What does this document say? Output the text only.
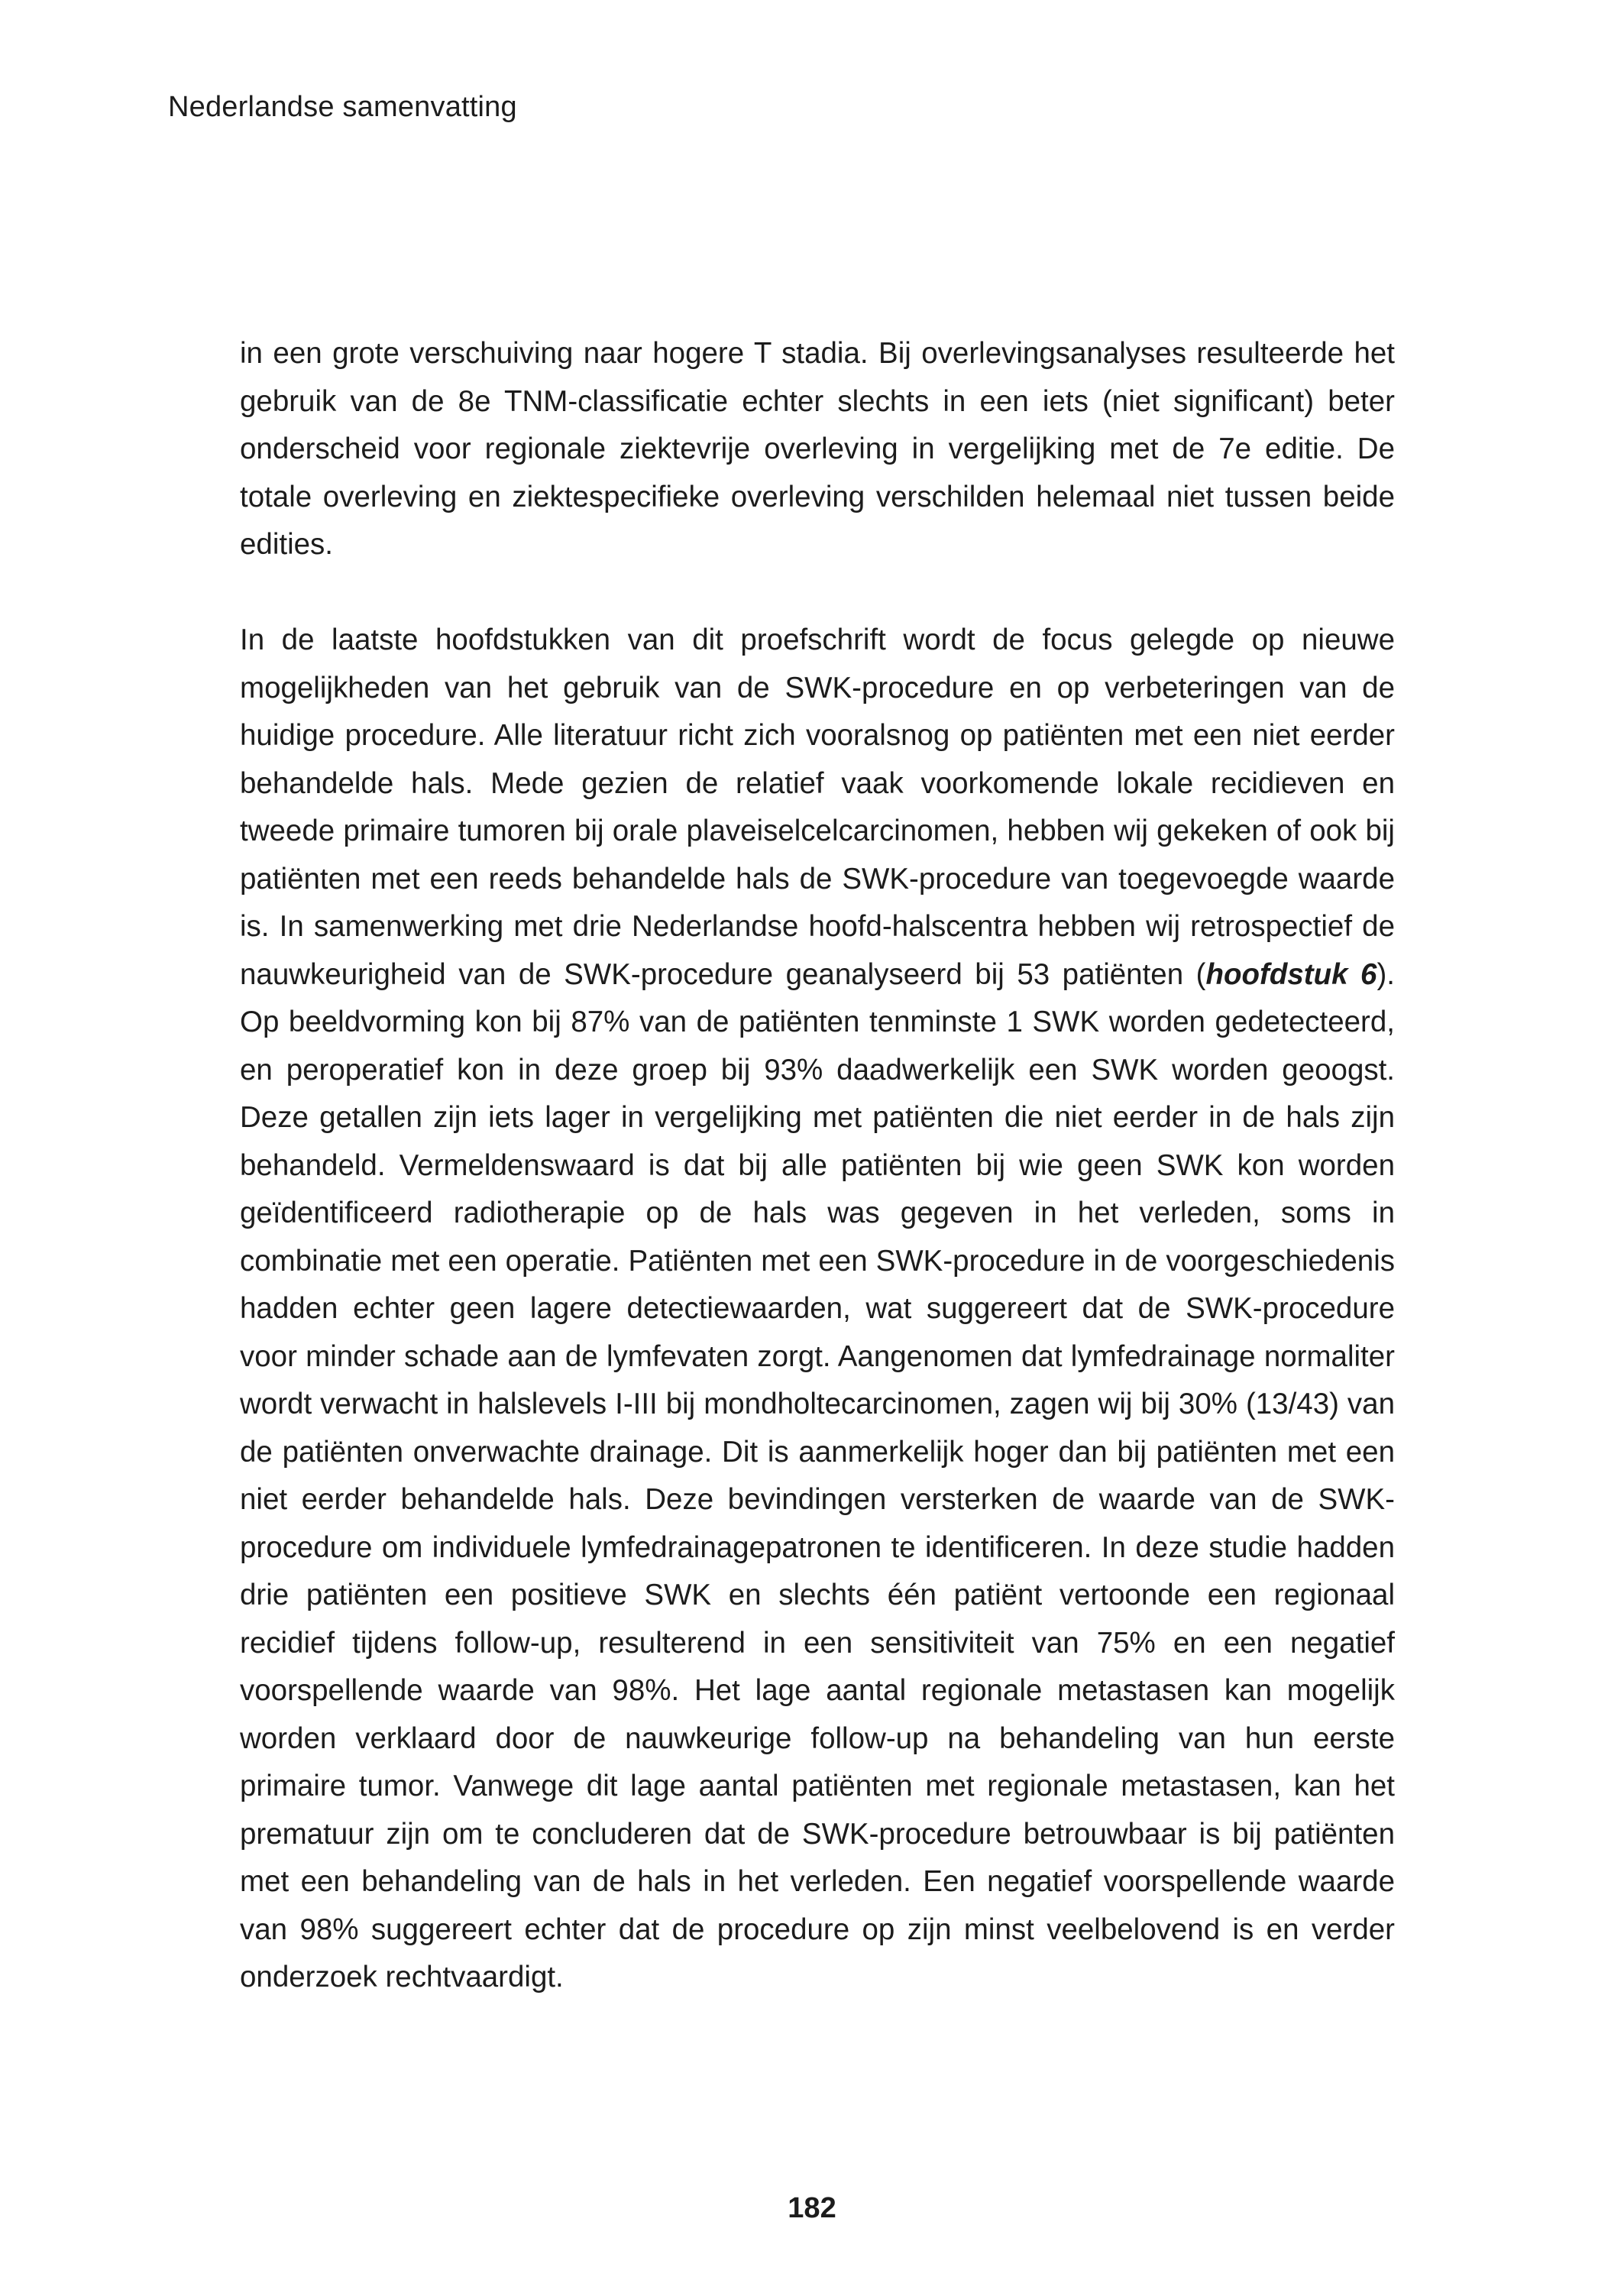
Nederlandse samenvatting

in een grote verschuiving naar hogere T stadia. Bij overlevingsanalyses resulteerde het gebruik van de 8e TNM-classificatie echter slechts in een iets (niet significant) beter onderscheid voor regionale ziektevrije overleving in vergelijking met de 7e editie. De totale overleving en ziektespecifieke overleving verschilden helemaal niet tussen beide edities.

In de laatste hoofdstukken van dit proefschrift wordt de focus gelegde op nieuwe mogelijkheden van het gebruik van de SWK-procedure en op verbeteringen van de huidige procedure. Alle literatuur richt zich vooralsnog op patiënten met een niet eerder behandelde hals. Mede gezien de relatief vaak voorkomende lokale recidieven en tweede primaire tumoren bij orale plaveiselcelcarcinomen, hebben wij gekeken of ook bij patiënten met een reeds behandelde hals de SWK-procedure van toegevoegde waarde is. In samenwerking met drie Nederlandse hoofd-halscentra hebben wij retrospectief de nauwkeurigheid van de SWK-procedure geanalyseerd bij 53 patiënten (hoofdstuk 6). Op beeldvorming kon bij 87% van de patiënten tenminste 1 SWK worden gedetecteerd, en peroperatief kon in deze groep bij 93% daadwerkelijk een SWK worden geoogst. Deze getallen zijn iets lager in vergelijking met patiënten die niet eerder in de hals zijn behandeld. Vermeldenswaard is dat bij alle patiënten bij wie geen SWK kon worden geïdentificeerd radiotherapie op de hals was gegeven in het verleden, soms in combinatie met een operatie. Patiënten met een SWK-procedure in de voorgeschiedenis hadden echter geen lagere detectiewaarden, wat suggereert dat de SWK-procedure voor minder schade aan de lymfevaten zorgt. Aangenomen dat lymfedrainage normaliter wordt verwacht in halslevels I-III bij mondholtecarcinomen, zagen wij bij 30% (13/43) van de patiënten onverwachte drainage. Dit is aanmerkelijk hoger dan bij patiënten met een niet eerder behandelde hals. Deze bevindingen versterken de waarde van de SWK-procedure om individuele lymfedrainagepatronen te identificeren. In deze studie hadden drie patiënten een positieve SWK en slechts één patiënt vertoonde een regionaal recidief tijdens follow-up, resulterend in een sensitiviteit van 75% en een negatief voorspellende waarde van 98%. Het lage aantal regionale metastasen kan mogelijk worden verklaard door de nauwkeurige follow-up na behandeling van hun eerste primaire tumor. Vanwege dit lage aantal patiënten met regionale metastasen, kan het prematuur zijn om te concluderen dat de SWK-procedure betrouwbaar is bij patiënten met een behandeling van de hals in het verleden. Een negatief voorspellende waarde van 98% suggereert echter dat de procedure op zijn minst veelbelovend is en verder onderzoek rechtvaardigt.

182
